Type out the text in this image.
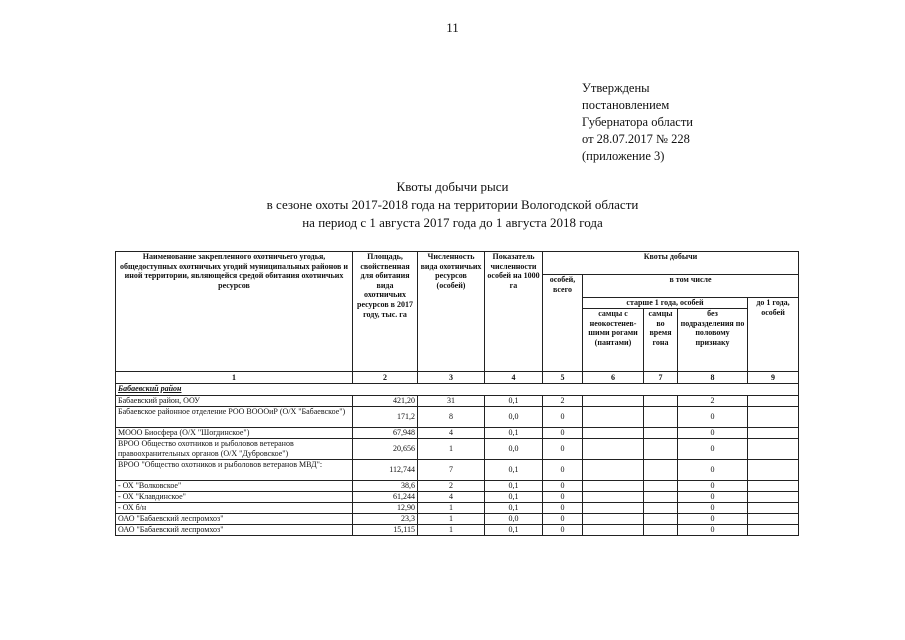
11
Утверждены
постановлением
Губернатора области
от 28.07.2017 № 228
(приложение 3)
Квоты добычи рыси
в сезоне охоты 2017-2018 года на территории Вологодской области
на период с 1 августа 2017 года до 1 августа 2018 года
Наименование закрепленного охотничьего угодья, общедоступных охотничьих угодий муниципальных районов и иной территории, являющейся средой обитания охотничьих ресурсов	Площадь, свойственная для обитания вида охотничьих ресурсов в 2017 году, тыс. га	Численность вида охотничьих ресурсов (особей)	Показатель численности особей на 1000 га	Квоты добычи				
				особей, всего	в том числе			
					старше 1 года, особей			до 1 года, особей
					самцы с неокостенев-шими рогами (пантами)	самцы во время гона	без подразделения по половому признаку	
1	2	3	4	5	6	7	8	9
Бабаевский район								
Бабаевский район, ООУ	421,20	31	0,1	2			2	
Бабаевское районное отделение РОО ВОООиР (О/Х "Бабаевское")	171,2	8	0,0	0			0	
МООО Биосфера (О/Х "Шогдинское")	67,948	4	0,1	0			0	
ВРОО Общество охотников и рыболовов ветеранов правоохранительных органов (О/Х "Дубровское")	20,656	1	0,0	0			0	
ВРОО "Общество охотников и рыболовов ветеранов МВД":	112,744	7	0,1	0			0	
- ОХ "Волковское"	38,6	2	0,1	0			0	
- ОХ "Клавдинское"	61,244	4	0,1	0			0	
- ОХ б/н	12,90	1	0,1	0			0	
ОАО "Бабаевский леспромхоз"	23,3	1	0,0	0			0	
ОАО "Бабаевский леспромхоз"	15,115	1	0,1	0			0	
